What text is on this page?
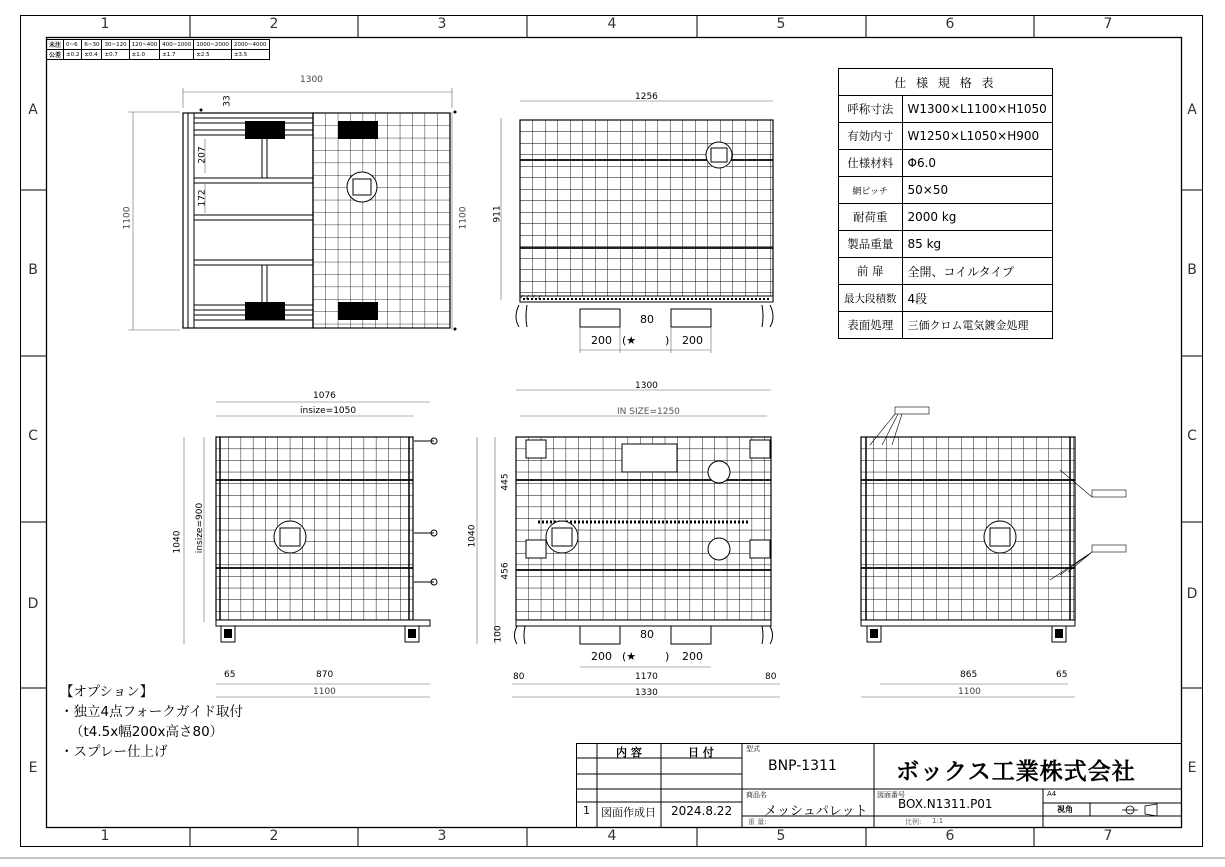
1	2	3	4	5	6	7
1	2	3	4	5	6	7
A
B
C
D
E
A
B
C
D
E
未注	0~6	6~30	30~120	120~400	400~1000	1000~2000	2000~4000
公差	±0.2	±0.4	±0.7	±1.0	±1.7	±2.5	±3.5
1300
33
207
172
1100	1100
1256
911
80
200 (★	) 200
1076
insize=1050
1040 insize=900
65	870
1100
1300
IN SIZE=1250
1040
445
456
100	80
200 (★	) 200
80	1170	80
1330
865	65
1100
仕 様 規 格 表	
呼称寸法	W1300×L1100×H1050
有効内寸	W1250×L1050×H900
仕様材料	Φ6.0
網ピッチ	50×50
耐荷重	2000 kg
製品重量	85 kg
前 扉	全開、コイルタイプ
最大段積数	4段
表面処理	三価クロム電気鍍金処理
【オプション】
・独立4点フォークガイド取付
（t4.5x幅200x高さ80）
・スプレー仕上げ	内 容	日 付
1 図面作成日 2024.8.22
型式
BNP-1311
商品名
メッシュパレット
重 量:
図面番号
BOX.N1311.P01
比例: 1:1
ボックス工業株式会社
A4
視角
